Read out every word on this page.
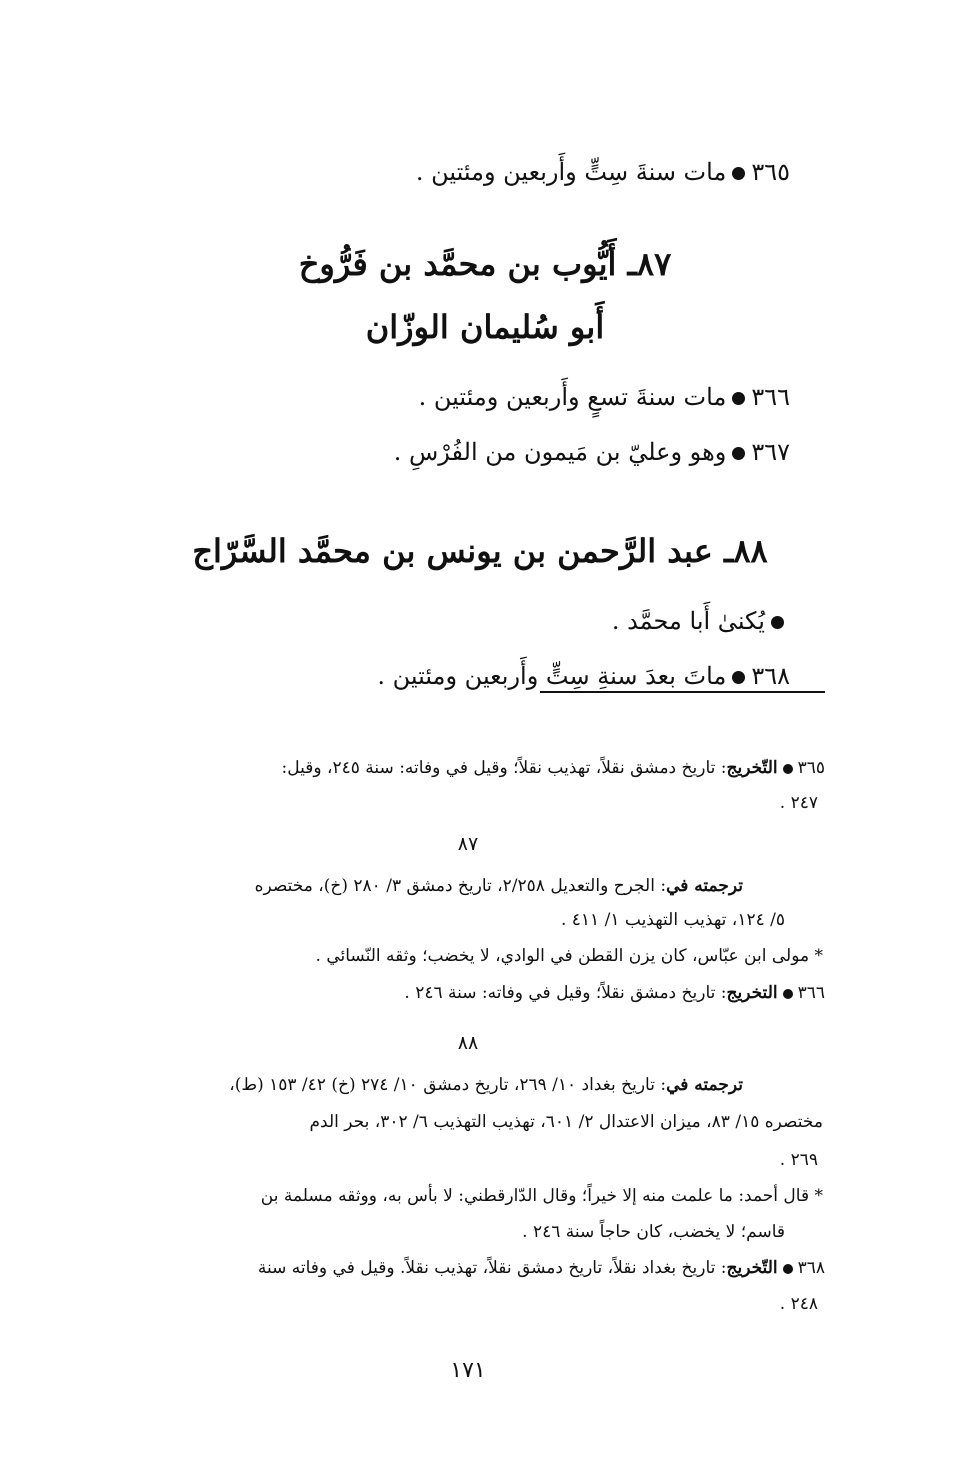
٣٦٥مات سنةَ سِتٍّ وأَربعين ومئتين .
٨٧ـ أَيُّوب بن محمَّد بن فَرُّوخ
أَبو سُليمان الوزّان
٣٦٦مات سنةَ تسعٍ وأَربعين ومئتين .
٣٦٧وهو وعليّ بن مَيمون من الفُرْسِ .
٨٨ـ عبد الرَّحمن بن يونس بن محمَّد السَّرّاج
يُكنىٰ أَبا محمَّد .
٣٦٨ماتَ بعدَ سنةِ سِتٍّ وأَربعين ومئتين .
٣٦٥التّخريج: تاريخ دمشق نقلاً، تهذيب نقلاً؛ وقيل في وفاته: سنة ٢٤٥، وقيل:
٢٤٧ .
٨٧
ترجمته في: الجرح والتعديل ٢/٢٥٨، تاريخ دمشق ٣/ ٢٨٠ (خ)، مختصره
٥/ ١٢٤، تهذيب التهذيب ١/ ٤١١ .
* مولى ابن عبّاس، كان يزن القطن في الوادي، لا يخضب؛ وثقه النّسائي .
٣٦٦التخريج: تاريخ دمشق نقلاً؛ وقيل في وفاته: سنة ٢٤٦ .
٨٨
ترجمته في: تاريخ بغداد ١٠/ ٢٦٩، تاريخ دمشق ١٠/ ٢٧٤ (خ) ٤٢/ ١٥٣ (ط)،
مختصره ١٥/ ٨٣، ميزان الاعتدال ٢/ ٦٠١، تهذيب التهذيب ٦/ ٣٠٢، بحر الدم
٢٦٩ .
* قال أحمد: ما علمت منه إلا خيراً؛ وقال الدّارقطني: لا بأس به، ووثقه مسلمة بن
قاسم؛ لا يخضب، كان حاجاً سنة ٢٤٦ .
٣٦٨التّخريج: تاريخ بغداد نقلاً، تاريخ دمشق نقلاً، تهذيب نقلاً. وقيل في وفاته سنة
٢٤٨ .
١٧١
